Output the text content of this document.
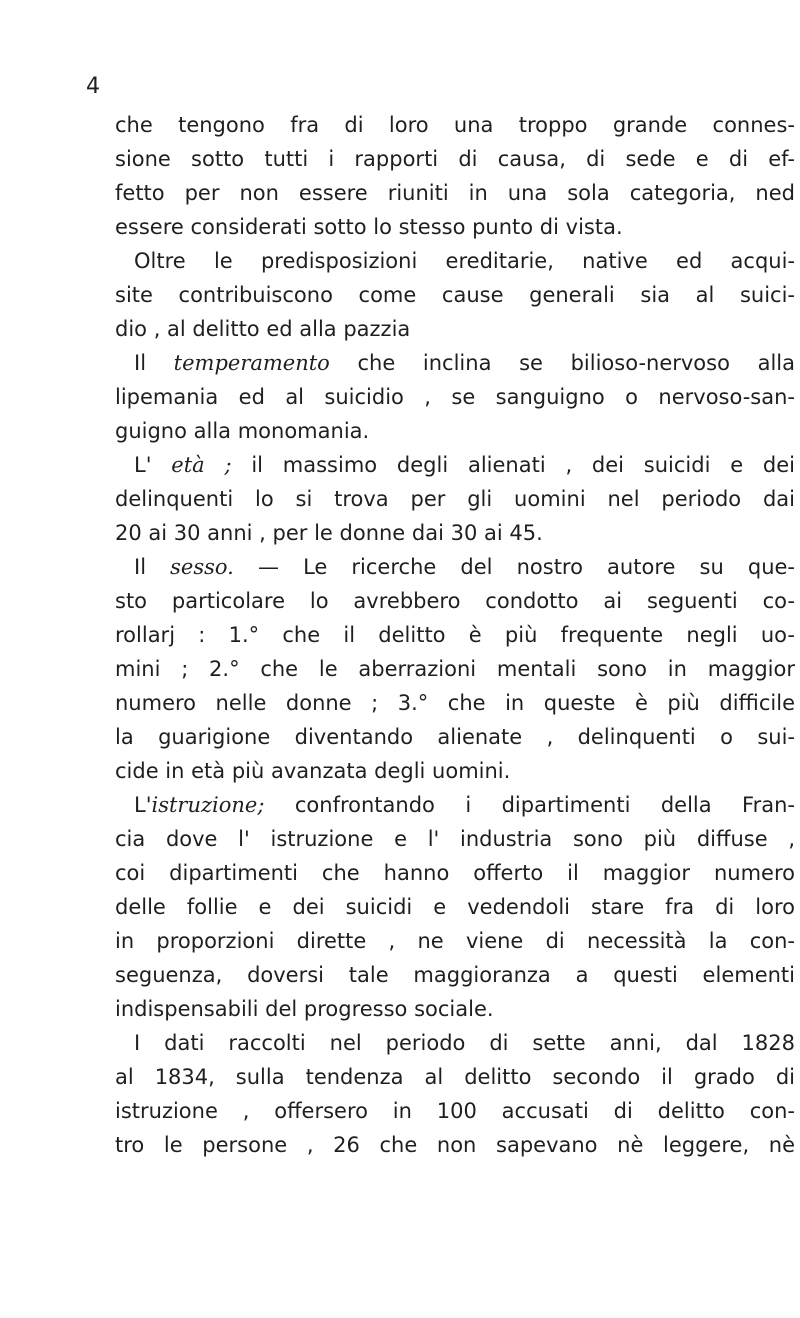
4
che tengono fra di loro una troppo grande connes-
sione sotto tutti i rapporti di causa, di sede e di ef-
fetto per non essere riuniti in una sola categoria, ned
essere considerati sotto lo stesso punto di vista.
Oltre le predisposizioni ereditarie, native ed acqui-
site contribuiscono come cause generali sia al suici-
dio , al delitto ed alla pazzia
Il temperamento che inclina se bilioso-nervoso alla
lipemania ed al suicidio , se sanguigno o nervoso-san-
guigno alla monomania.
L' età ; il massimo degli alienati , dei suicidi e dei
delinquenti lo si trova per gli uomini nel periodo dai
20 ai 30 anni , per le donne dai 30 ai 45.
Il sesso. — Le ricerche del nostro autore su que-
sto particolare lo avrebbero condotto ai seguenti co-
rollarj : 1.° che il delitto è più frequente negli uo-
mini ; 2.° che le aberrazioni mentali sono in maggior
numero nelle donne ; 3.° che in queste è più difficile
la guarigione diventando alienate , delinquenti o sui-
cide in età più avanzata degli uomini.
L'istruzione; confrontando i dipartimenti della Fran-
cia dove l' istruzione e l' industria sono più diffuse ,
coi dipartimenti che hanno offerto il maggior numero
delle follie e dei suicidi e vedendoli stare fra di loro
in proporzioni dirette , ne viene di necessità la con-
seguenza, doversi tale maggioranza a questi elementi
indispensabili del progresso sociale.
I dati raccolti nel periodo di sette anni, dal 1828
al 1834, sulla tendenza al delitto secondo il grado di
istruzione , offersero in 100 accusati di delitto con-
tro le persone , 26 che non sapevano nè leggere, nè
